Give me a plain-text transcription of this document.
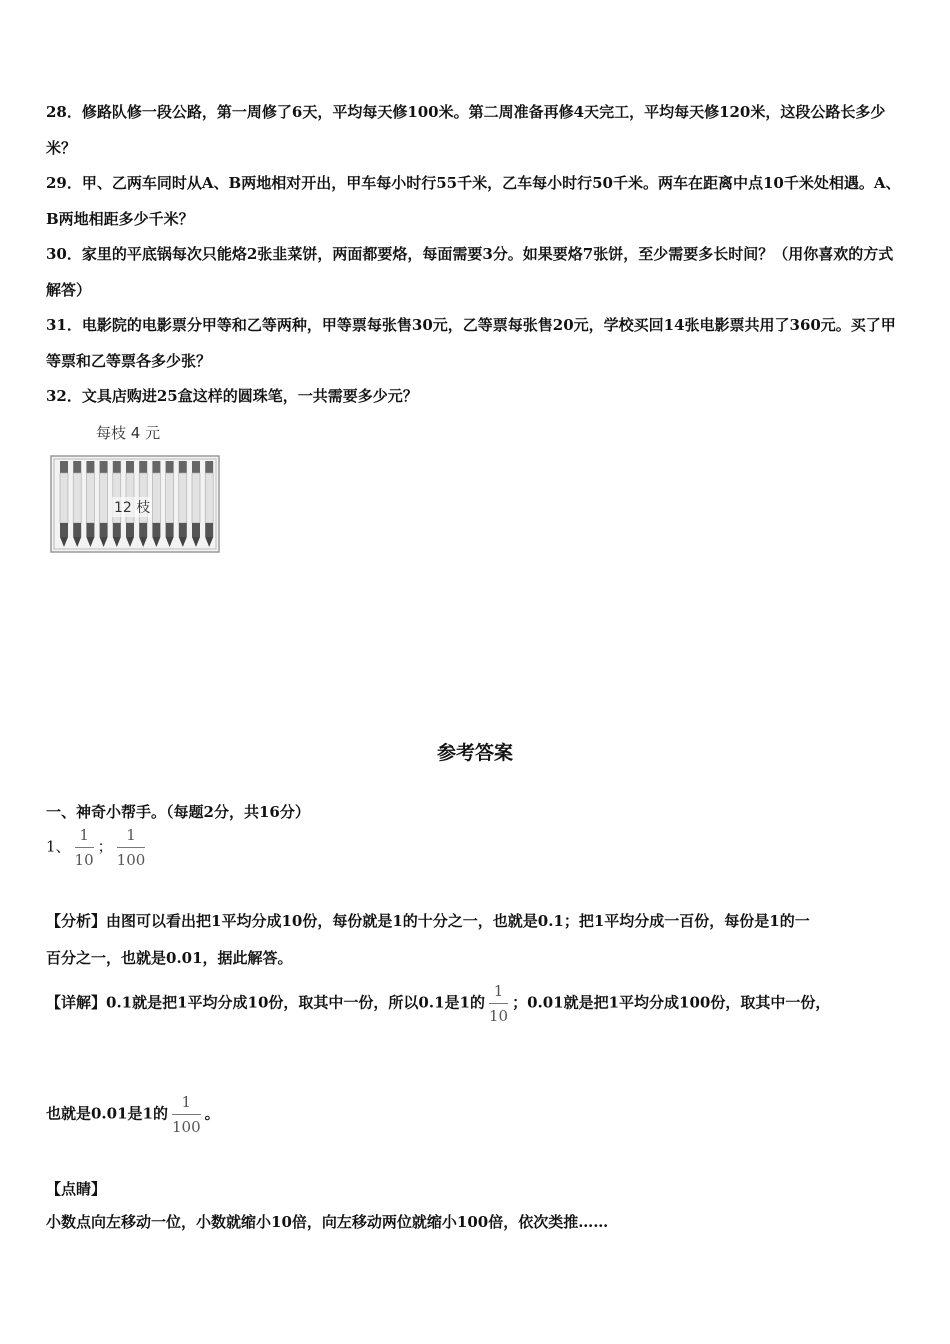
28．修路队修一段公路，第一周修了6天，平均每天修100米。第二周准备再修4天完工，平均每天修120米，这段公路长多少米？
29．甲、乙两车同时从A、B两地相对开出，甲车每小时行55千米，乙车每小时行50千米。两车在距离中点10千米处相遇。A、B两地相距多少千米？
30．家里的平底锅每次只能烙2张韭菜饼，两面都要烙，每面需要3分。如果要烙7张饼，至少需要多长时间？（用你喜欢的方式解答）
31．电影院的电影票分甲等和乙等两种，甲等票每张售30元，乙等票每张售20元，学校买回14张电影票共用了360元。买了甲等票和乙等票各多少张？
32．文具店购进25盒这样的圆珠笔，一共需要多少元？
每枝 4 元
12 枝
参考答案
一、神奇小帮手。（每题2分，共16分）
1、 $\frac{1}{10}$ ； $\frac{1}{100}$
【分析】由图可以看出把1平均分成10份，每份就是1的十分之一，也就是0.1；把1平均分成一百份，每份是1的一
百分之一，也就是0.01，据此解答。
【详解】0.1就是把1平均分成10份，取其中一份，所以0.1是1的 $\frac{1}{10}$ ；0.01就是把1平均分成100份，取其中一份，
也就是0.01是1的 $\frac{1}{100}$ 。
【点睛】
小数点向左移动一位，小数就缩小10倍，向左移动两位就缩小100倍，依次类推……
